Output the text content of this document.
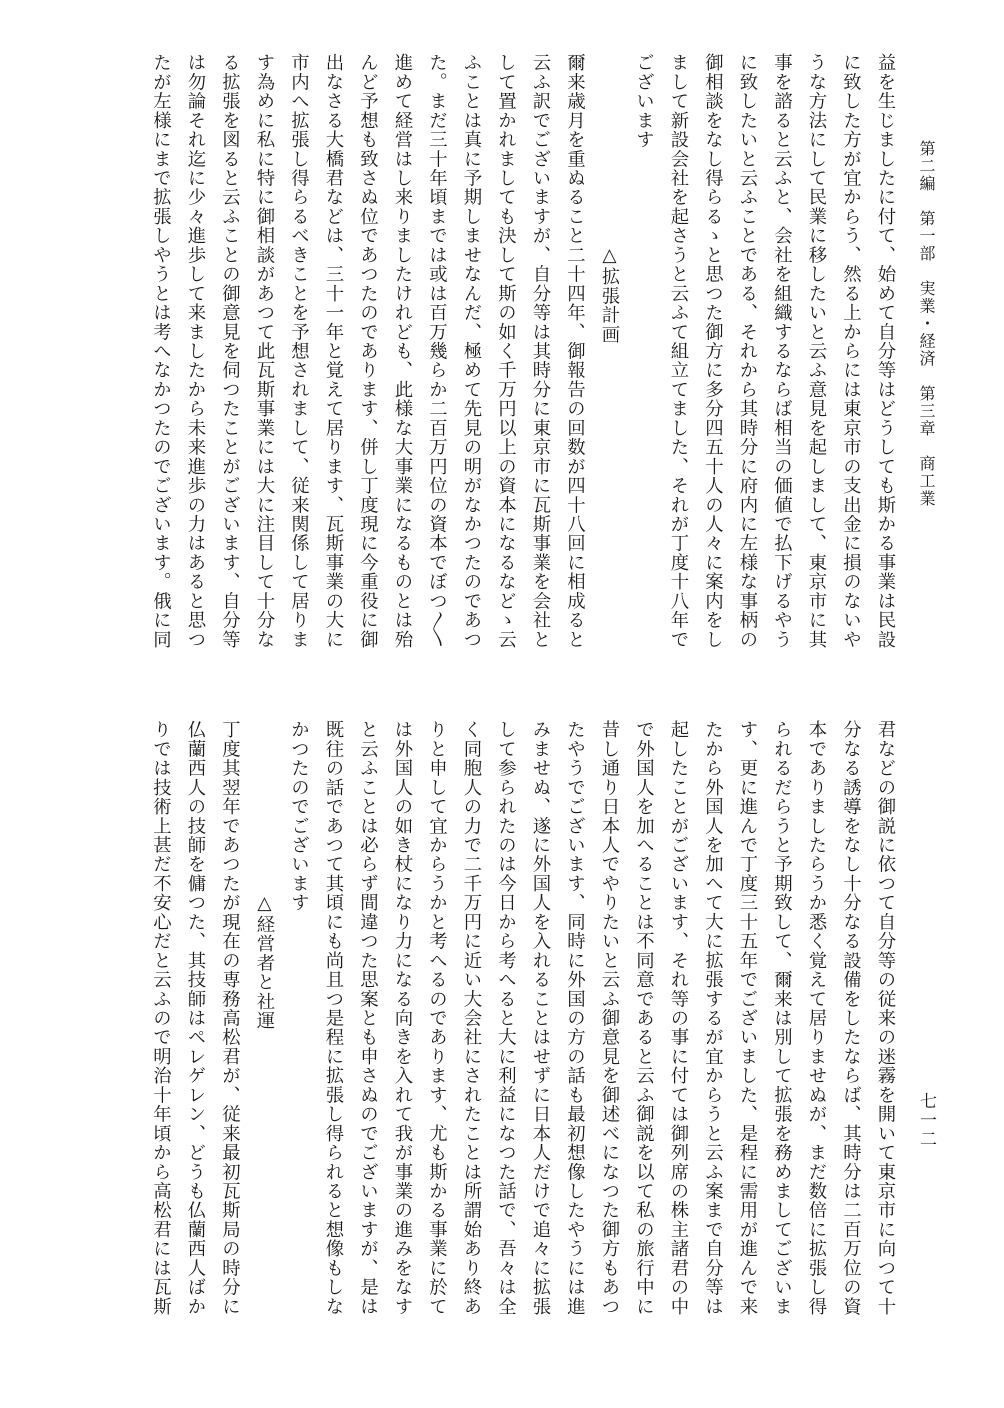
第二編　第一部　実業・経済　第三章　商工業
七一二
益を生じましたに付て、始めて自分等はどうしても斯かる事業は民設
に致した方が宜からう、然る上からには東京市の支出金に損のないや
うな方法にして民業に移したいと云ふ意見を起しまして、東京市に其
事を諮ると云ふと、会社を組織するならば相当の価値で払下げるやう
に致したいと云ふことである、それから其時分に府内に左様な事柄の
御相談をなし得らるゝと思つた御方に多分四五十人の人々に案内をし
まして新設会社を起さうと云ふて組立てました、それが丁度十八年で
ございます
　　　　　　　　　　△拡張計画
爾来歳月を重ぬること二十四年、御報告の回数が四十八回に相成ると
云ふ訳でございますが、自分等は其時分に東京市に瓦斯事業を会社と
して置かれましても決して斯の如く千万円以上の資本になるなどゝ云
ふことは真に予期しませなんだ、極めて先見の明がなかつたのであつ
た。まだ三十年頃までは或は百万幾らか二百万円位の資本でぼつ〳〵
進めて経営はし来りましたけれども、此様な大事業になるものとは殆
んど予想も致さぬ位であつたのであります、併し丁度現に今重役に御
出なさる大橋君などは、三十一年と覚えて居ります、瓦斯事業の大に
市内へ拡張し得らるべきことを予想されまして、従来関係して居りま
す為めに私に特に御相談があつて此瓦斯事業には大に注目して十分な
る拡張を図ると云ふことの御意見を伺つたことがございます、自分等
は勿論それ迄に少々進歩して来ましたから未来進歩の力はあると思つ
たが左様にまで拡張しやうとは考へなかつたのでございます。俄に同
君などの御説に依つて自分等の従来の迷霧を開いて東京市に向つて十
分なる誘導をなし十分なる設備をしたならば、其時分は二百万位の資
本でありましたらうか悉く覚えて居りませぬが、まだ数倍に拡張し得
られるだらうと予期致して、爾来は別して拡張を務めましてございま
す、更に進んで丁度三十五年でございました、是程に需用が進んで来
たから外国人を加へて大に拡張するが宜からうと云ふ案まで自分等は
起したことがございます、それ等の事に付ては御列席の株主諸君の中
で外国人を加へることは不同意であると云ふ御説を以て私の旅行中に
昔し通り日本人でやりたいと云ふ御意見を御述べになつた御方もあつ
たやうでございます、同時に外国の方の話も最初想像したやうには進
みませぬ、遂に外国人を入れることはせずに日本人だけで追々に拡張
して参られたのは今日から考へると大に利益になつた話で、吾々は全
く同胞人の力で二千万円に近い大会社にされたことは所謂始あり終あ
りと申して宜からうかと考へるのであります、尤も斯かる事業に於て
は外国人の如き杖になり力になる向きを入れて我が事業の進みをなす
と云ふことは必らず間違つた思案とも申さぬのでございますが、是は
既往の話であつて其頃にも尚且つ是程に拡張し得られると想像もしな
かつたのでございます
　　　　　　　　　△経営者と社運
丁度其翌年であつたが現在の専務高松君が、従来最初瓦斯局の時分に
仏蘭西人の技師を傭つた、其技師はペレゲレン、どうも仏蘭西人ばか
りでは技術上甚だ不安心だと云ふので明治十年頃から高松君には瓦斯
